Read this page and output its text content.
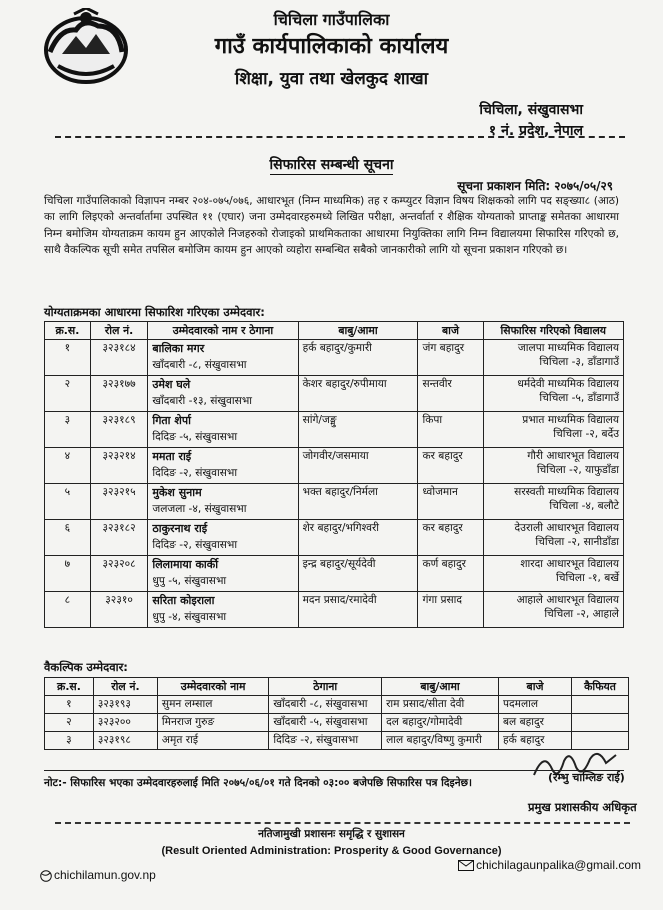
चिचिला गाउँपालिका
गाउँ कार्यपालिकाको कार्यालय
शिक्षा, युवा तथा खेलकुद शाखा
चिचिला, संखुवासभा
१ नं. प्रदेश, नेपाल
सिफारिस सम्बन्धी सूचना
सूचना प्रकाशन मिति: २०७५/०५/२९
चिचिला गाउँपालिकाको विज्ञापन नम्बर २०४-०७५/०७६, आधारभूत (निम्न माध्यमिक) तह र कम्प्युटर विज्ञान विषय शिक्षकको लागि पद सङ्ख्या८ (आठ) का लागि लिइएको अन्तर्वार्तामा उपस्थित ११ (एघार) जना उम्मेदवारहरुमध्ये लिखित परीक्षा, अन्तर्वार्ता र शैक्षिक योग्यताको प्राप्ताङ्क समेतका आधारमा निम्न बमोजिम योग्यताक्रम कायम हुन आएकोले निजहरुको रोजाइको प्राथमिकताका आधारमा नियुक्तिका लागि निम्न विद्यालयमा सिफारिस गरिएको छ, साथै वैकल्पिक सूची समेत तपसिल बमोजिम कायम हुन आएको व्यहोरा सम्बन्धित सबैको जानकारीको लागि यो सूचना प्रकाशन गरिएको छ।
योग्यताक्रमका आधारमा सिफारिश गरिएका उम्मेदवार:
क्र.स.	रोल नं.	उम्मेदवारको नाम र ठेगाना	बाबु/आमा	बाजे	सिफारिस गरिएको विद्यालय
१	३२३१८४	बालिका मगर
खाँदबारी -८, संखुवासभा	हर्क बहादुर/कुमारी	जंग बहादुर	जालपा माध्यमिक विद्यालय
चिचिला -३, डाँडागाउँ

२	३२३१७७	उमेश घले
खाँदबारी -१३, संखुवासभा	केशर बहादुर/रुपीमाया	सन्तवीर	धर्मदेवी माध्यमिक विद्यालय
चिचिला -५, डाँडागाउँ

३	३२३१८९	गिता शेर्पा
दिदिङ -५, संखुवासभा	सांगे/जङ्मु	किपा	प्रभात माध्यमिक विद्यालय
चिचिला -२, बर्देउ

४	३२३२१४	ममता राई
दिदिङ -२, संखुवासभा	जोगवीर/जसमाया	कर बहादुर	गौरी आधारभूत विद्यालय
चिचिला -२, याफुडाँडा

५	३२३२१५	मुकेश सुनाम
जलजला -४, संखुवासभा	भक्त बहादुर/निर्मला	ध्वोजमान	सरस्वती माध्यमिक विद्यालय
चिचिला -४, बलौटे

६	३२३१८२	ठाकुरनाथ राई
दिदिङ -२, संखुवासभा	शेर बहादुर/भगिश्वरी	कर बहादुर	देउराली आधारभूत विद्यालय
चिचिला -२, सानीडाँडा

७	३२३२०८	लिलामाया कार्की
धुपु -५, संखुवासभा	इन्द्र बहादुर/सूर्यदेवी	कर्ण बहादुर	शारदा आधारभूत विद्यालय
चिचिला -१, बर्खे

८	३२३१०	सरिता कोइराला
धुपु -४, संखुवासभा	मदन प्रसाद/रमादेवी	गंगा प्रसाद	आहाले आधारभूत विद्यालय
चिचिला -२, आहाले
वैकल्पिक उम्मेदवार:
क्र.स.	रोल नं.	उम्मेदवारको नाम	ठेगाना	बाबु/आमा	बाजे	कैफियत
१	३२३१९३	सुमन लम्साल	खाँदबारी -८, संखुवासभा	राम प्रसाद/सीता देवी	पदमलाल	
२	३२३२००	मिनराज गुरुङ	खाँदबारी -५, संखुवासभा	दल बहादुर/गोमादेवी	बल बहादुर	
३	३२३१९८	अमृत राई	दिदिङ -२, संखुवासभा	लाल बहादुर/विष्णु कुमारी	हर्क बहादुर	
(रम्भु चाम्लिङ राई)
नोट:- सिफारिस भएका उम्मेदवारहरुलाई मिति २०७५/०६/०१ गते दिनको ०३:०० बजेपछि सिफारिस पत्र दिइनेछ।
प्रमुख प्रशासकीय अधिकृत
नतिजामुखी प्रशासनः समृद्धि र सुशासन
(Result Oriented Administration: Prosperity & Good Governance)
chichilagaunpalika@gmail.com
chichilamun.gov.np
